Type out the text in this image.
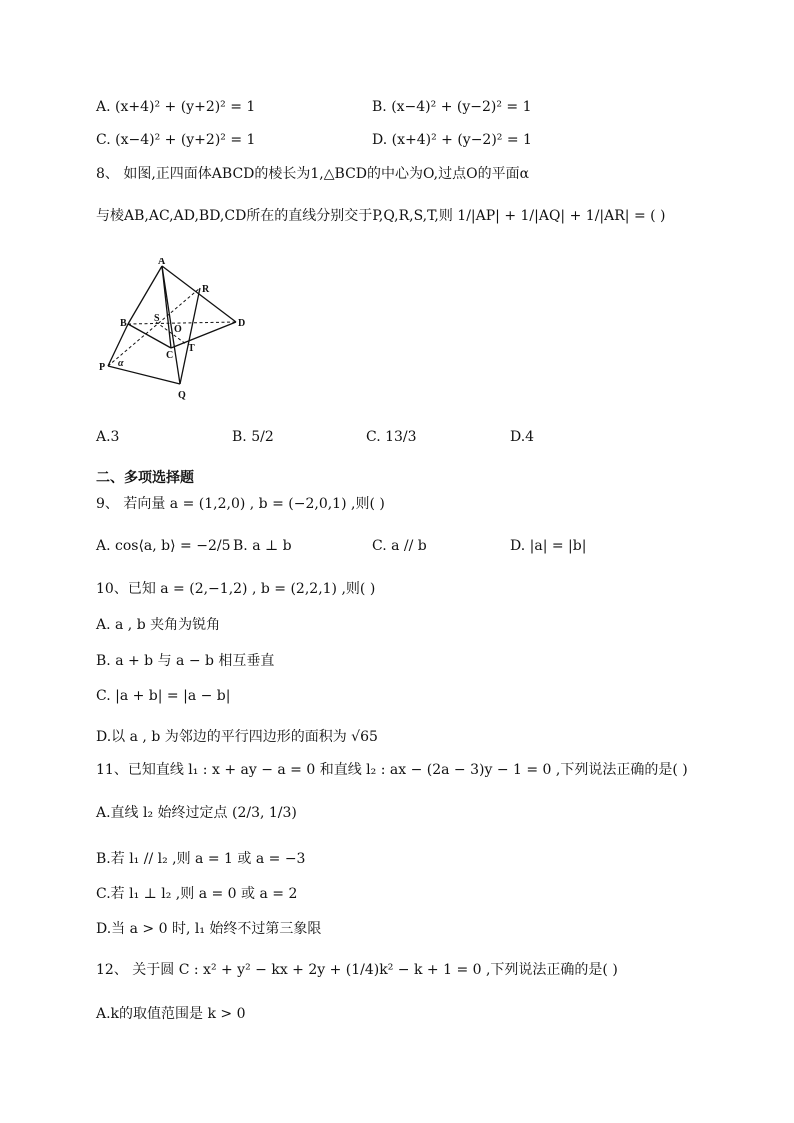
A. (x+4)² + (y+2)² = 1	B. (x−4)² + (y−2)² = 1
C. (x−4)² + (y+2)² = 1	D. (x+4)² + (y−2)² = 1
8、 如图,正四面体ABCD的棱长为1,△BCD的中心为O,过点O的平面α
与棱AB,AC,AD,BD,CD所在的直线分别交于P,Q,R,S,T,则 1/|AP| + 1/|AQ| + 1/|AR| = ( )
A
B
C
D
O
S
T
R
P
Q
α
A.3	B. 5/2	C. 13/3	D.4
二、多项选择题
9、 若向量 a = (1,2,0) , b = (−2,0,1) ,则( )
A. cos⟨a, b⟩ = −2/5 B. a ⊥ b	C. a // b	D. |a| = |b|
10、已知 a = (2,−1,2) , b = (2,2,1) ,则( )
A. a , b 夹角为锐角
B. a + b 与 a − b 相互垂直
C. |a + b| = |a − b|
D.以 a , b 为邻边的平行四边形的面积为 √65
11、已知直线 l₁ : x + ay − a = 0 和直线 l₂ : ax − (2a − 3)y − 1 = 0 ,下列说法正确的是( )
A.直线 l₂ 始终过定点 (2/3, 1/3)
B.若 l₁ // l₂ ,则 a = 1 或 a = −3
C.若 l₁ ⊥ l₂ ,则 a = 0 或 a = 2
D.当 a > 0 时, l₁ 始终不过第三象限
12、 关于圆 C : x² + y² − kx + 2y + (1/4)k² − k + 1 = 0 ,下列说法正确的是( )
A.k的取值范围是 k > 0
